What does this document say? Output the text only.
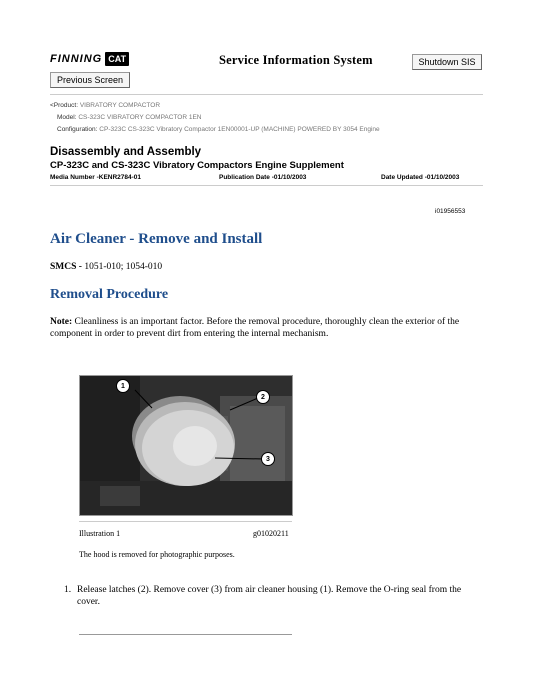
FINNING CAT	Service Information System	Shutdown SIS
Previous Screen
<Product: VIBRATORY COMPACTOR
Model: CS-323C VIBRATORY COMPACTOR 1EN
Configuration: CP-323C CS-323C Vibratory Compactor 1EN00001-UP (MACHINE) POWERED BY 3054 Engine
Disassembly and Assembly
CP-323C and CS-323C Vibratory Compactors Engine Supplement
Media Number -KENR2784-01	Publication Date -01/10/2003	Date Updated -01/10/2003
i01956553
Air Cleaner - Remove and Install
SMCS - 1051-010; 1054-010
Removal Procedure
Note: Cleanliness is an important factor. Before the removal procedure, thoroughly clean the exterior of the component in order to prevent dirt from entering the internal mechanism.
1
2
3
Illustration 1	g01020211
The hood is removed for photographic purposes.
1. Release latches (2). Remove cover (3) from air cleaner housing (1). Remove the O-ring seal from the cover.
